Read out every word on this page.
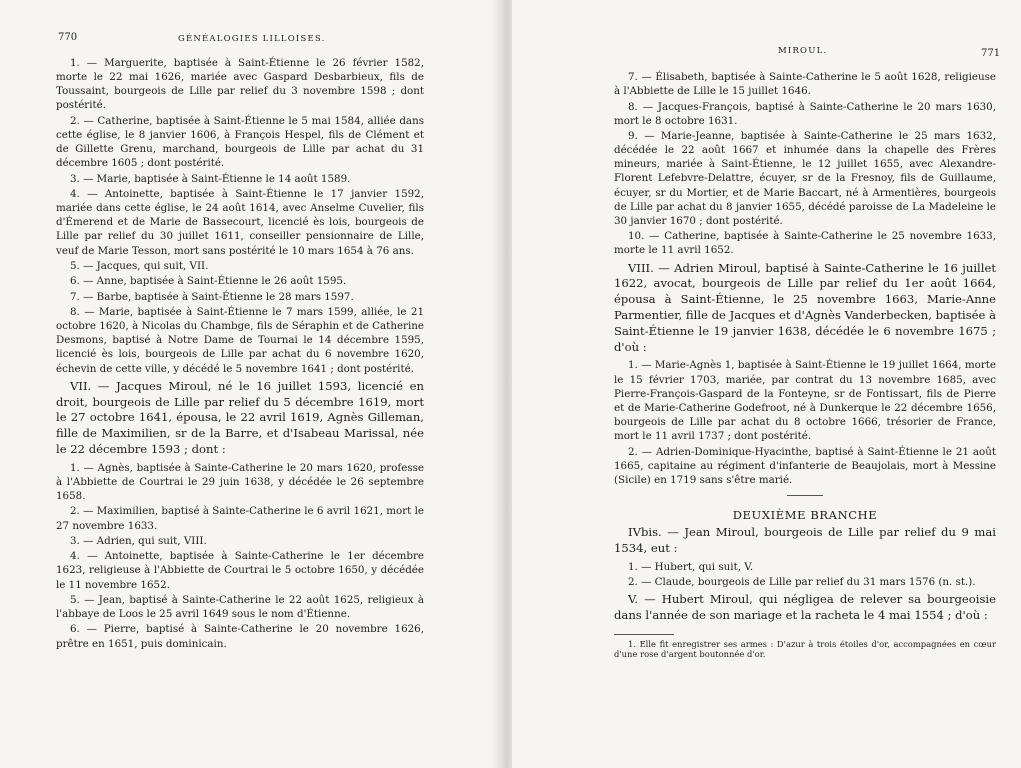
770	GÉNÉALOGIES LILLOISES.

1. — Marguerite, baptisée à Saint-Étienne le 26 février 1582, morte le 22 mai 1626, mariée avec Gaspard Desbarbieux, fils de Toussaint, bourgeois de Lille par relief du 3 novembre 1598 ; dont postérité.

2. — Catherine, baptisée à Saint-Étienne le 5 mai 1584, alliée dans cette église, le 8 janvier 1606, à François Hespel, fils de Clément et de Gillette Grenu, marchand, bourgeois de Lille par achat du 31 décembre 1605 ; dont postérité.

3. — Marie, baptisée à Saint-Étienne le 14 août 1589.

4. — Antoinette, baptisée à Saint-Étienne le 17 janvier 1592, mariée dans cette église, le 24 août 1614, avec Anselme Cuvelier, fils d'Émerend et de Marie de Bassecourt, licencié ès lois, bourgeois de Lille par relief du 30 juillet 1611, conseiller pensionnaire de Lille, veuf de Marie Tesson, mort sans postérité le 10 mars 1654 à 76 ans.

5. — Jacques, qui suit, VII.

6. — Anne, baptisée à Saint-Étienne le 26 août 1595.

7. — Barbe, baptisée à Saint-Étienne le 28 mars 1597.

8. — Marie, baptisée à Saint-Étienne le 7 mars 1599, alliée, le 21 octobre 1620, à Nicolas du Chambge, fils de Séraphin et de Catherine Desmons, baptisé à Notre Dame de Tournai le 14 décembre 1595, licencié ès lois, bourgeois de Lille par achat du 6 novembre 1620, échevin de cette ville, y décédé le 5 novembre 1641 ; dont postérité.

VII. — Jacques Miroul, né le 16 juillet 1593, licencié en droit, bourgeois de Lille par relief du 5 décembre 1619, mort le 27 octobre 1641, épousa, le 22 avril 1619, Agnès Gilleman, fille de Maximilien, sr de la Barre, et d'Isabeau Marissal, née le 22 décembre 1593 ; dont :

1. — Agnès, baptisée à Sainte-Catherine le 20 mars 1620, professe à l'Abbiette de Courtrai le 29 juin 1638, y décédée le 26 septembre 1658.

2. — Maximilien, baptisé à Sainte-Catherine le 6 avril 1621, mort le 27 novembre 1633.

3. — Adrien, qui suit, VIII.

4. — Antoinette, baptisée à Sainte-Catherine le 1er décembre 1623, religieuse à l'Abbiette de Courtrai le 5 octobre 1650, y décédée le 11 novembre 1652.

5. — Jean, baptisé à Sainte-Catherine le 22 août 1625, religieux à l'abbaye de Loos le 25 avril 1649 sous le nom d'Étienne.

6. — Pierre, baptisé à Sainte-Catherine le 20 novembre 1626, prêtre en 1651, puis dominicain.

MIROUL.	771

7. — Élisabeth, baptisée à Sainte-Catherine le 5 août 1628, religieuse à l'Abbiette de Lille le 15 juillet 1646.

8. — Jacques-François, baptisé à Sainte-Catherine le 20 mars 1630, mort le 8 octobre 1631.

9. — Marie-Jeanne, baptisée à Sainte-Catherine le 25 mars 1632, décédée le 22 août 1667 et inhumée dans la chapelle des Frères mineurs, mariée à Saint-Étienne, le 12 juillet 1655, avec Alexandre-Florent Lefebvre-Delattre, écuyer, sr de la Fresnoy, fils de Guillaume, écuyer, sr du Mortier, et de Marie Baccart, né à Armentières, bourgeois de Lille par achat du 8 janvier 1655, décédé paroisse de La Madeleine le 30 janvier 1670 ; dont postérité.

10. — Catherine, baptisée à Sainte-Catherine le 25 novembre 1633, morte le 11 avril 1652.

VIII. — Adrien Miroul, baptisé à Sainte-Catherine le 16 juillet 1622, avocat, bourgeois de Lille par relief du 1er août 1664, épousa à Saint-Étienne, le 25 novembre 1663, Marie-Anne Parmentier, fille de Jacques et d'Agnès Vanderbecken, baptisée à Saint-Étienne le 19 janvier 1638, décédée le 6 novembre 1675 ; d'où :

1. — Marie-Agnès 1, baptisée à Saint-Étienne le 19 juillet 1664, morte le 15 février 1703, mariée, par contrat du 13 novembre 1685, avec Pierre-François-Gaspard de la Fonteyne, sr de Fontissart, fils de Pierre et de Marie-Catherine Godefroot, né à Dunkerque le 22 décembre 1656, bourgeois de Lille par achat du 8 octobre 1666, trésorier de France, mort le 11 avril 1737 ; dont postérité.

2. — Adrien-Dominique-Hyacinthe, baptisé à Saint-Étienne le 21 août 1665, capitaine au régiment d'infanterie de Beaujolais, mort à Messine (Sicile) en 1719 sans s'être marié.

DEUXIÈME BRANCHE

IVbis. — Jean Miroul, bourgeois de Lille par relief du 9 mai 1534, eut :

1. — Hubert, qui suit, V.

2. — Claude, bourgeois de Lille par relief du 31 mars 1576 (n. st.).

V. — Hubert Miroul, qui négligea de relever sa bourgeoisie dans l'année de son mariage et la racheta le 4 mai 1554 ; d'où :

1. Elle fit enregistrer ses armes : D'azur à trois étoiles d'or, accompagnées en cœur d'une rose d'argent boutonnée d'or.
